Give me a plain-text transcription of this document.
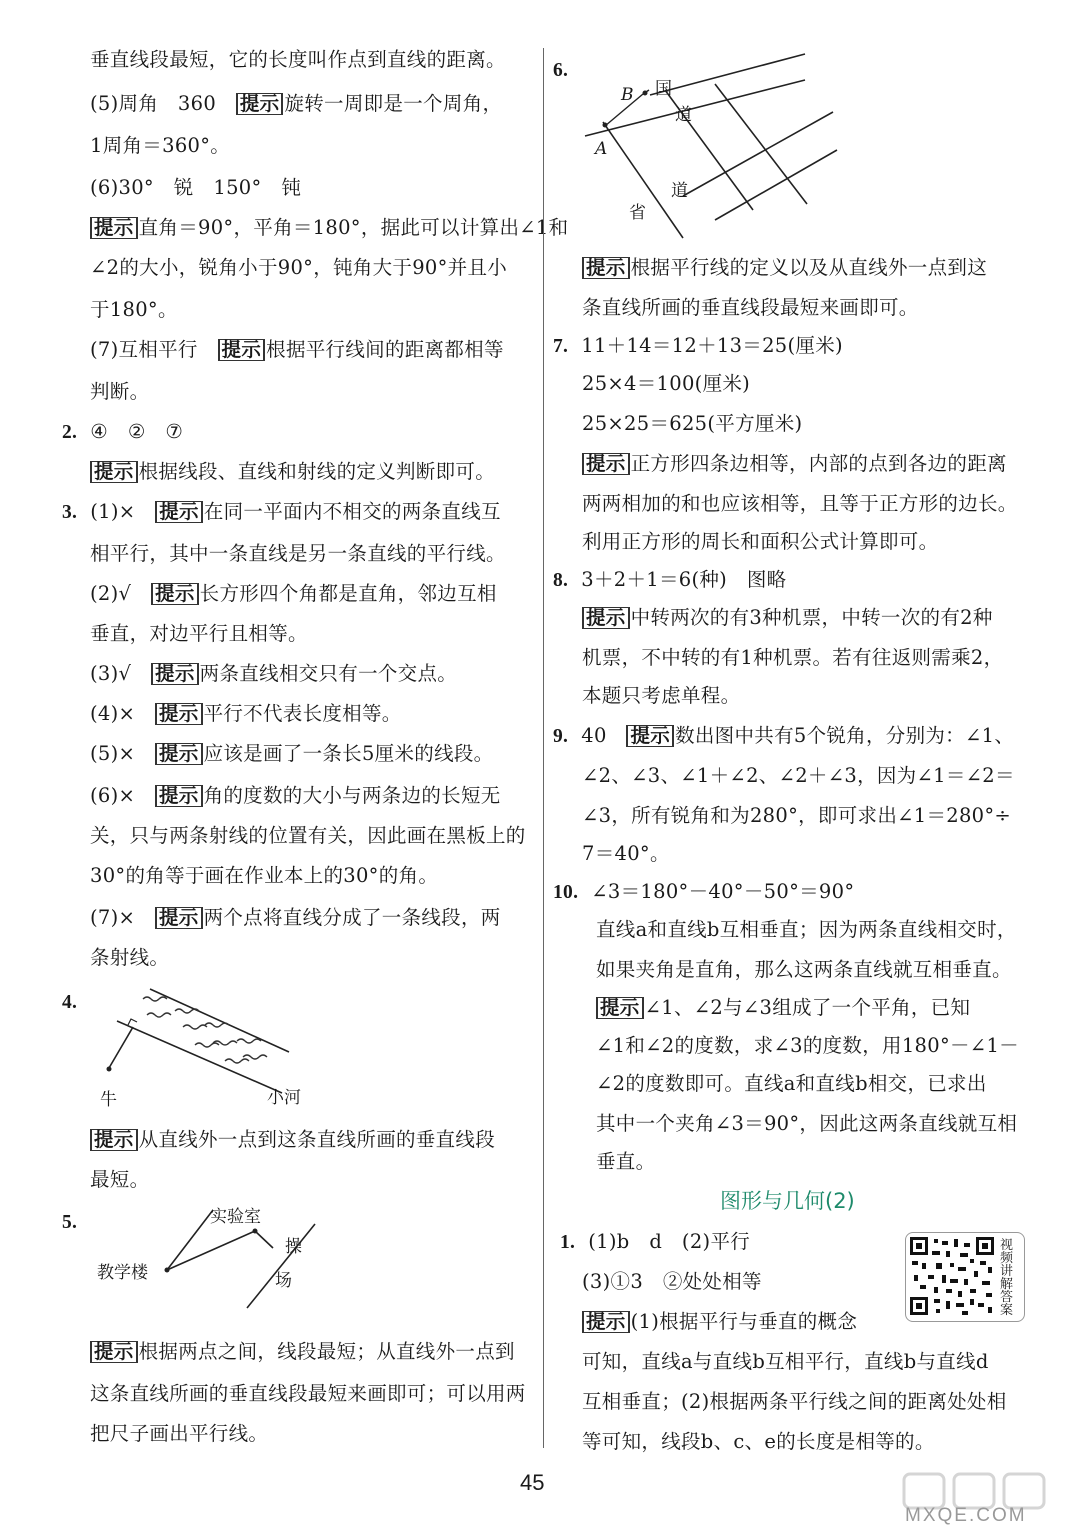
垂直线段最短，它的长度叫作点到直线的距离。
(5)周角　360　提示 旋转一周即是一个周角，
1周角＝360°。
(6)30°　锐　150°　钝
提示 直角＝90°，平角＝180°，据此可以计算出∠1和
∠2的大小，锐角小于90°，钝角大于90°并且小
于180°。
(7)互相平行　提示 根据平行线间的距离都相等
判断。
2. ④　②　⑦
提示 根据线段、直线和射线的定义判断即可。
3. (1)×　提示 在同一平面内不相交的两条直线互
相平行，其中一条直线是另一条直线的平行线。
(2)√　提示 长方形四个角都是直角，邻边互相
垂直，对边平行且相等。
(3)√　提示 两条直线相交只有一个交点。
(4)×　提示 平行不代表长度相等。
(5)×　提示 应该是画了一条长5厘米的线段。
(6)×　提示 角的度数的大小与两条边的长短无
关，只与两条射线的位置有关，因此画在黑板上的
30°的角等于画在作业本上的30°的角。
(7)×　提示 两个点将直线分成了一条线段，两
条射线。
4.
牛	小河
提示 从直线外一点到这条直线所画的垂直线段
最短。
5.	实验室
教学楼
操
场
提示 根据两点之间，线段最短；从直线外一点到
这条直线所画的垂直线段最短来画即可；可以用两
把尺子画出平行线。
6.
B
A
国
道
道
省
提示 根据平行线的定义以及从直线外一点到这
条直线所画的垂直线段最短来画即可。
7. 11＋14＝12＋13＝25(厘米)
25×4＝100(厘米)
25×25＝625(平方厘米)
提示 正方形四条边相等，内部的点到各边的距离
两两相加的和也应该相等，且等于正方形的边长。
利用正方形的周长和面积公式计算即可。
8. 3＋2＋1＝6(种)　图略
提示 中转两次的有3种机票，中转一次的有2种
机票，不中转的有1种机票。若有往返则需乘2，
本题只考虑单程。
9. 40　提示 数出图中共有5个锐角，分别为：∠1、
∠2、∠3、∠1＋∠2、∠2＋∠3，因为∠1＝∠2＝
∠3，所有锐角和为280°，即可求出∠1＝280°÷
7＝40°。
10. ∠3＝180°－40°－50°＝90°
直线a和直线b互相垂直；因为两条直线相交时，
如果夹角是直角，那么这两条直线就互相垂直。
提示 ∠1、∠2与∠3组成了一个平角，已知
∠1和∠2的度数，求∠3的度数，用180°－∠1－
∠2的度数即可。直线a和直线b相交，已求出
其中一个夹角∠3＝90°，因此这两条直线就互相
垂直。
图形与几何(2)
1. (1)b　d　(2)平行
(3)①3　②处处相等
提示 (1)根据平行与垂直的概念
可知，直线a与直线b互相平行，直线b与直线d
互相垂直；(2)根据两条平行线之间的距离处处相
等可知，线段b、c、e的长度是相等的。
视频讲解答案
45
MXQE.COM
